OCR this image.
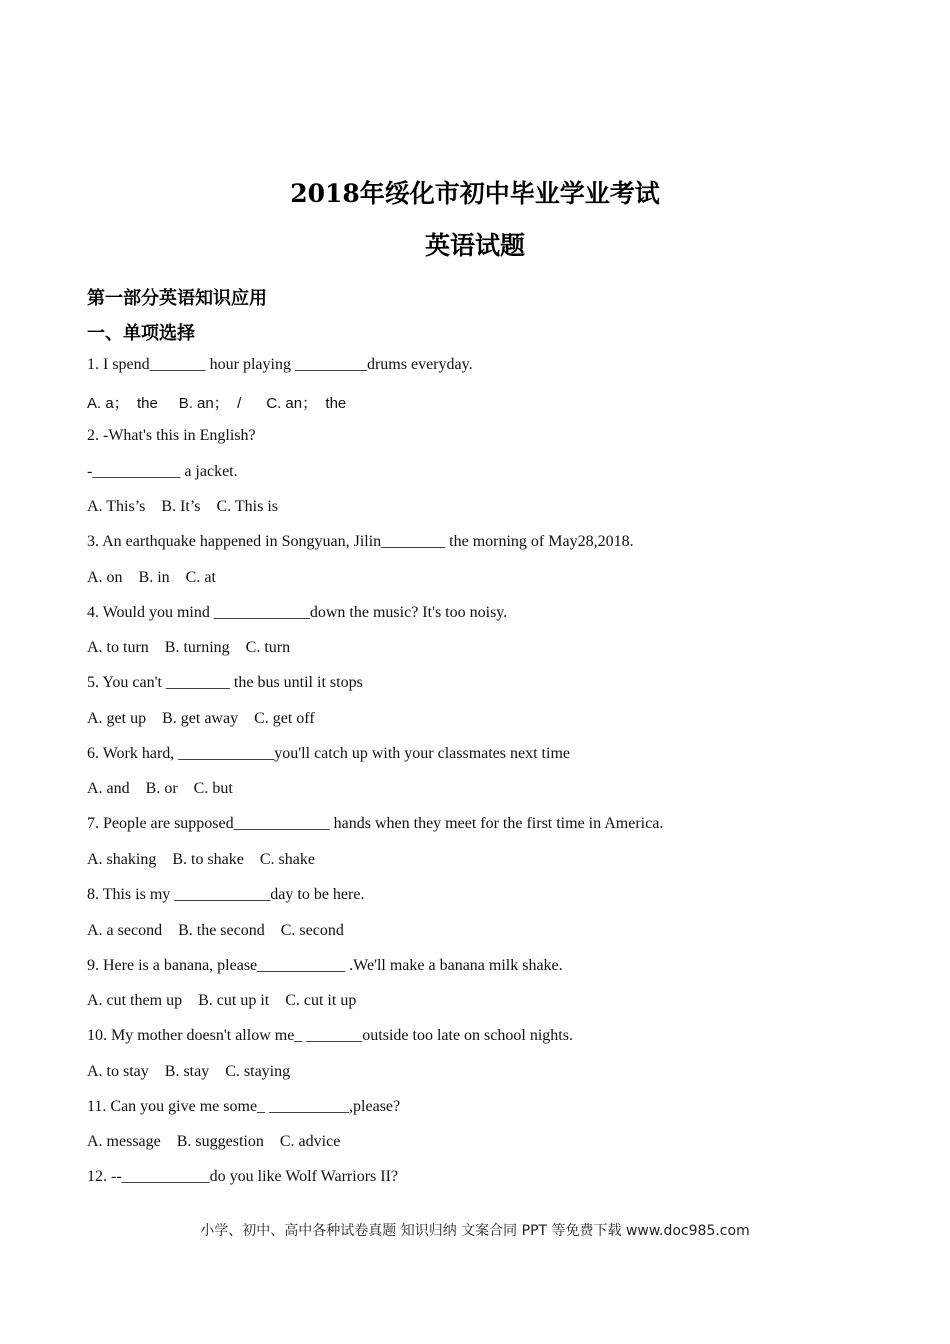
2018年绥化市初中毕业学业考试
英语试题
第一部分英语知识应用
一、单项选择
1. I spend_______ hour playing _________drums everyday.
A. a；  the     B. an；  /      C. an；  the
2. -What's this in English?
-___________ a jacket.
A. This’s    B. It’s    C. This is
3. An earthquake happened in Songyuan, Jilin________ the morning of May28,2018.
A. on    B. in    C. at
4. Would you mind ____________down the music? It's too noisy.
A. to turn    B. turning    C. turn
5. You can't ________ the bus until it stops
A. get up    B. get away    C. get off
6. Work hard, ____________you'll catch up with your classmates next time
A. and    B. or    C. but
7. People are supposed____________ hands when they meet for the first time in America.
A. shaking    B. to shake    C. shake
8. This is my ____________day to be here.
A. a second    B. the second    C. second
9. Here is a banana, please___________ .We'll make a banana milk shake.
A. cut them up    B. cut up it    C. cut it up
10. My mother doesn't allow me_ _______outside too late on school nights.
A. to stay    B. stay    C. staying
11. Can you give me some_ __________,please?
A. message    B. suggestion    C. advice
12. --___________do you like Wolf Warriors II?
小学、初中、高中各种试卷真题 知识归纳 文案合同 PPT 等免费下载 www.doc985.com
